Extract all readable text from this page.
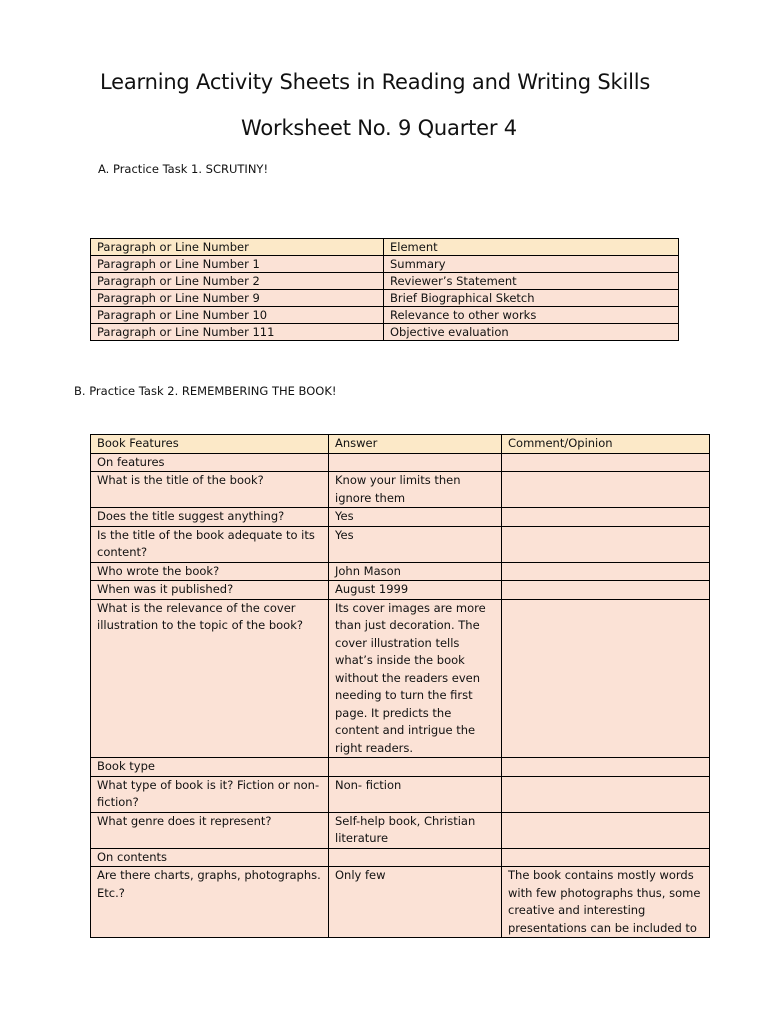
Learning Activity Sheets in Reading and Writing Skills
Worksheet No. 9 Quarter 4
A. Practice Task 1. SCRUTINY!
Paragraph or Line Number	Element
Paragraph or Line Number 1	Summary
Paragraph or Line Number 2	Reviewer’s Statement
Paragraph or Line Number 9	Brief Biographical Sketch
Paragraph or Line Number 10	Relevance to other works
Paragraph or Line Number 111	Objective evaluation
B. Practice Task 2. REMEMBERING THE BOOK!
Book Features	Answer	Comment/Opinion
On features		
What is the title of the book?	Know your limits then ignore them	
Does the title suggest anything?	Yes	
Is the title of the book adequate to its content?	Yes	
Who wrote the book?	John Mason	
When was it published?	August 1999	
What is the relevance of the cover illustration to the topic of the book?	Its cover images are more than just decoration. The cover illustration tells what’s inside the book without the readers even needing to turn the first page. It predicts the content and intrigue the right readers.	
Book type		
What type of book is it? Fiction or non-fiction?	Non- fiction	
What genre does it represent?	Self-help book, Christian literature	
On contents		
Are there charts, graphs, photographs. Etc.?	Only few	The book contains mostly words with few photographs thus, some creative and interesting presentations can be included to
